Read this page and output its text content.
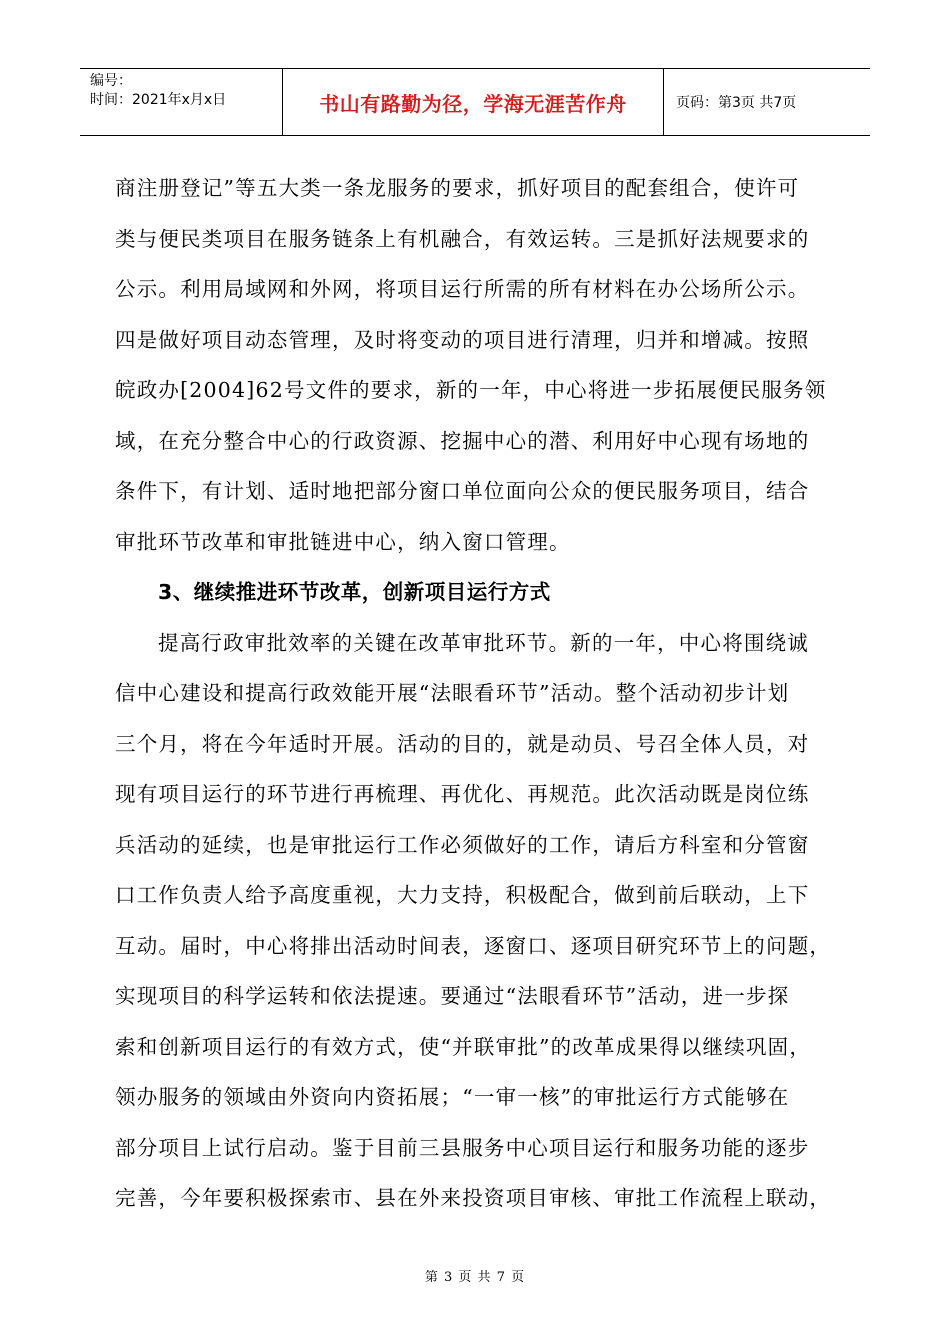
编号：
时间：2021年x月x日	书山有路勤为径，学海无涯苦作舟	页码：第3页 共7页
商注册登记”等五大类一条龙服务的要求，抓好项目的配套组合，使许可
类与便民类项目在服务链条上有机融合，有效运转。三是抓好法规要求的
公示。利用局域网和外网，将项目运行所需的所有材料在办公场所公示。
四是做好项目动态管理，及时将变动的项目进行清理，归并和增减。按照
皖政办[2004]62号文件的要求，新的一年，中心将进一步拓展便民服务领
域，在充分整合中心的行政资源、挖掘中心的潜、利用好中心现有场地的
条件下，有计划、适时地把部分窗口单位面向公众的便民服务项目，结合
审批环节改革和审批链进中心，纳入窗口管理。
3、继续推进环节改革，创新项目运行方式
提高行政审批效率的关键在改革审批环节。新的一年，中心将围绕诚
信中心建设和提高行政效能开展“法眼看环节”活动。整个活动初步计划
三个月，将在今年适时开展。活动的目的，就是动员、号召全体人员，对
现有项目运行的环节进行再梳理、再优化、再规范。此次活动既是岗位练
兵活动的延续，也是审批运行工作必须做好的工作，请后方科室和分管窗
口工作负责人给予高度重视，大力支持，积极配合，做到前后联动，上下
互动。届时，中心将排出活动时间表，逐窗口、逐项目研究环节上的问题，
实现项目的科学运转和依法提速。要通过“法眼看环节”活动，进一步探
索和创新项目运行的有效方式，使“并联审批”的改革成果得以继续巩固，
领办服务的领域由外资向内资拓展；“一审一核”的审批运行方式能够在
部分项目上试行启动。鉴于目前三县服务中心项目运行和服务功能的逐步
完善，今年要积极探索市、县在外来投资项目审核、审批工作流程上联动，
第 3 页 共 7 页
